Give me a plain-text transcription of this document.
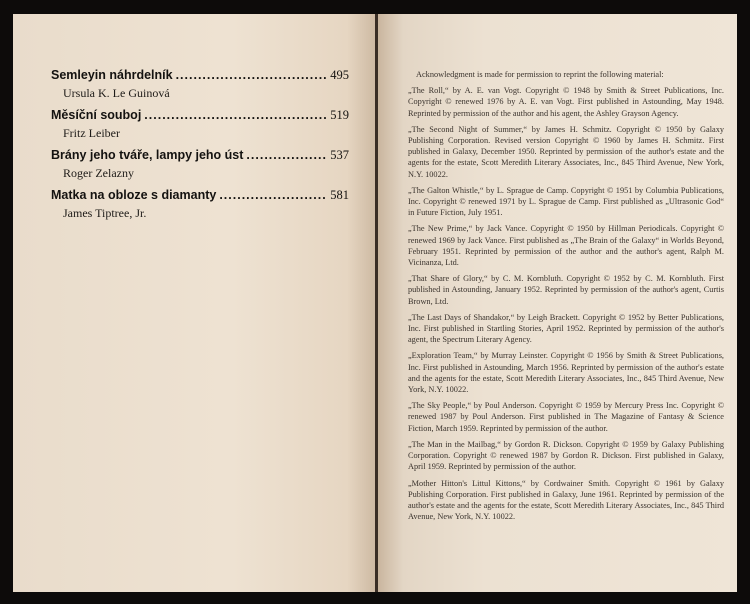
Semleyin náhrdelník .....	495
Ursula K. Le Guinová
Měsíční souboj .....	519
Fritz Leiber
Brány jeho tváře, lampy jeho úst .....	537
Roger Zelazny
Matka na obloze s diamanty .....	581
James Tiptree, Jr.

Acknowledgment is made for permission to reprint the following material:

„The Roll,“ by A. E. van Vogt. Copyright © 1948 by Smith & Street Publications, Inc. Copyright © renewed 1976 by A. E. van Vogt. First published in Astounding, May 1948. Reprinted by permission of the author and his agent, the Ashley Grayson Agency.

„The Second Night of Summer,“ by James H. Schmitz. Copyright © 1950 by Galaxy Publishing Corporation. Revised version Copyright © 1960 by James H. Schmitz. First published in Galaxy, December 1950. Reprinted by permission of the author's estate and the agents for the estate, Scott Meredith Literary Associates, Inc., 845 Third Avenue, New York, N.Y. 10022.

„The Galton Whistle,“ by L. Sprague de Camp. Copyright © 1951 by Columbia Publications, Inc. Copyright © renewed 1971 by L. Sprague de Camp. First published as „Ultrasonic God“ in Future Fiction, July 1951.

„The New Prime,“ by Jack Vance. Copyright © 1950 by Hillman Periodicals. Copyright © renewed 1969 by Jack Vance. First published as „The Brain of the Galaxy“ in Worlds Beyond, February 1951. Reprinted by permission of the author and the author's agent, Ralph M. Vicinanza, Ltd.

„That Share of Glory,“ by C. M. Kornbluth. Copyright © 1952 by C. M. Kornbluth. First published in Astounding, January 1952. Reprinted by permission of the author's agent, Curtis Brown, Ltd.

„The Last Days of Shandakor,“ by Leigh Brackett. Copyright © 1952 by Better Publications, Inc. First published in Startling Stories, April 1952. Reprinted by permission of the author's agent, the Spectrum Literary Agency.

„Exploration Team,“ by Murray Leinster. Copyright © 1956 by Smith & Street Publications, Inc. First published in Astounding, March 1956. Reprinted by permission of the author's estate and the agents for the estate, Scott Meredith Literary Associates, Inc., 845 Third Avenue, New York, N.Y. 10022.

„The Sky People,“ by Poul Anderson. Copyright © 1959 by Mercury Press Inc. Copyright © renewed 1987 by Poul Anderson. First published in The Magazine of Fantasy & Science Fiction, March 1959. Reprinted by permission of the author.

„The Man in the Mailbag,“ by Gordon R. Dickson. Copyright © 1959 by Galaxy Publishing Corporation. Copyright © renewed 1987 by Gordon R. Dickson. First published in Galaxy, April 1959. Reprinted by permission of the author.

„Mother Hitton's Littul Kittons,“ by Cordwainer Smith. Copyright © 1961 by Galaxy Publishing Corporation. First published in Galaxy, June 1961. Reprinted by permission of the author's estate and the agents for the estate, Scott Meredith Literary Associates, Inc., 845 Third Avenue, New York, N.Y. 10022.
